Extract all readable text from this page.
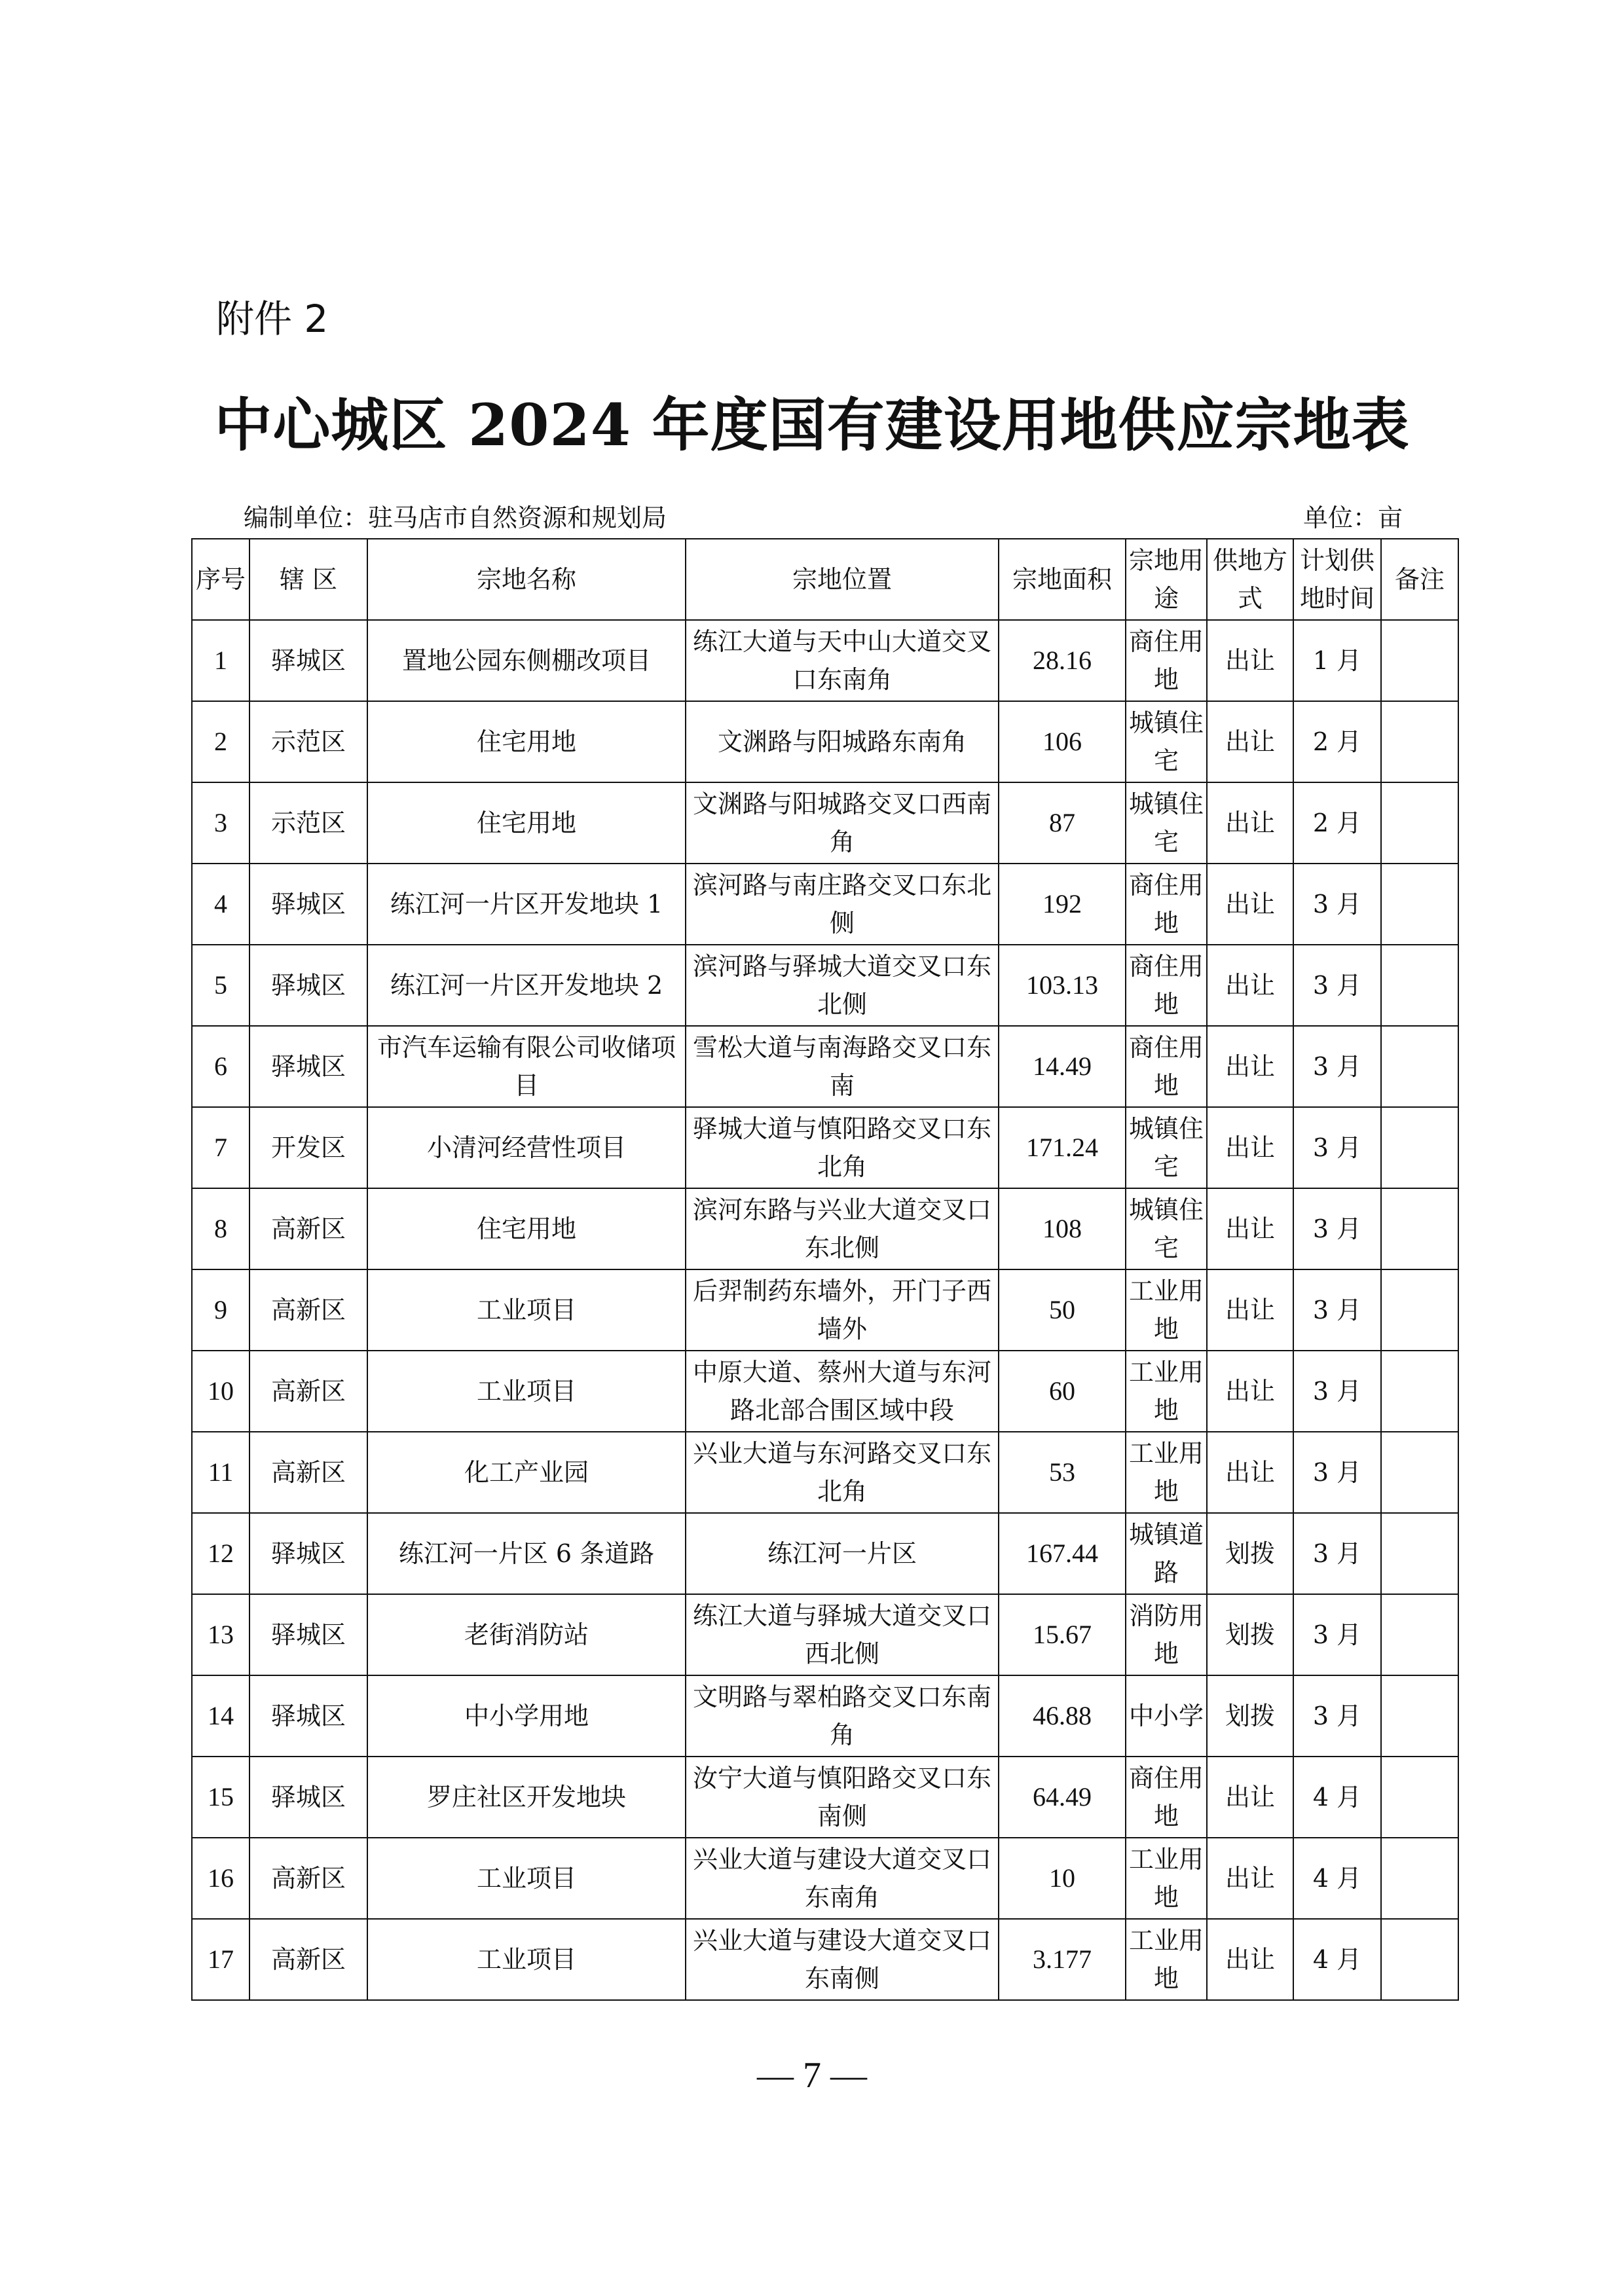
附件 2
中心城区 2024 年度国有建设用地供应宗地表
编制单位：驻马店市自然资源和规划局	单位：亩
序号	辖 区	宗地名称	宗地位置	宗地面积	宗地用途	供地方式	计划供地时间	备注
1	驿城区	置地公园东侧棚改项目	练江大道与天中山大道交叉口东南角	28.16	商住用地	出让	1 月	
2	示范区	住宅用地	文渊路与阳城路东南角	106	城镇住宅	出让	2 月	
3	示范区	住宅用地	文渊路与阳城路交叉口西南角	87	城镇住宅	出让	2 月	
4	驿城区	练江河一片区开发地块 1	滨河路与南庄路交叉口东北侧	192	商住用地	出让	3 月	
5	驿城区	练江河一片区开发地块 2	滨河路与驿城大道交叉口东北侧	103.13	商住用地	出让	3 月	
6	驿城区	市汽车运输有限公司收储项目	雪松大道与南海路交叉口东南	14.49	商住用地	出让	3 月	
7	开发区	小清河经营性项目	驿城大道与慎阳路交叉口东北角	171.24	城镇住宅	出让	3 月	
8	高新区	住宅用地	滨河东路与兴业大道交叉口东北侧	108	城镇住宅	出让	3 月	
9	高新区	工业项目	后羿制药东墙外，开门子西墙外	50	工业用地	出让	3 月	
10	高新区	工业项目	中原大道、蔡州大道与东河路北部合围区域中段	60	工业用地	出让	3 月	
11	高新区	化工产业园	兴业大道与东河路交叉口东北角	53	工业用地	出让	3 月	
12	驿城区	练江河一片区 6 条道路	练江河一片区	167.44	城镇道路	划拨	3 月	
13	驿城区	老街消防站	练江大道与驿城大道交叉口西北侧	15.67	消防用地	划拨	3 月	
14	驿城区	中小学用地	文明路与翠柏路交叉口东南角	46.88	中小学	划拨	3 月	
15	驿城区	罗庄社区开发地块	汝宁大道与慎阳路交叉口东南侧	64.49	商住用地	出让	4 月	
16	高新区	工业项目	兴业大道与建设大道交叉口东南角	10	工业用地	出让	4 月	
17	高新区	工业项目	兴业大道与建设大道交叉口东南侧	3.177	工业用地	出让	4 月	
— 7 —
